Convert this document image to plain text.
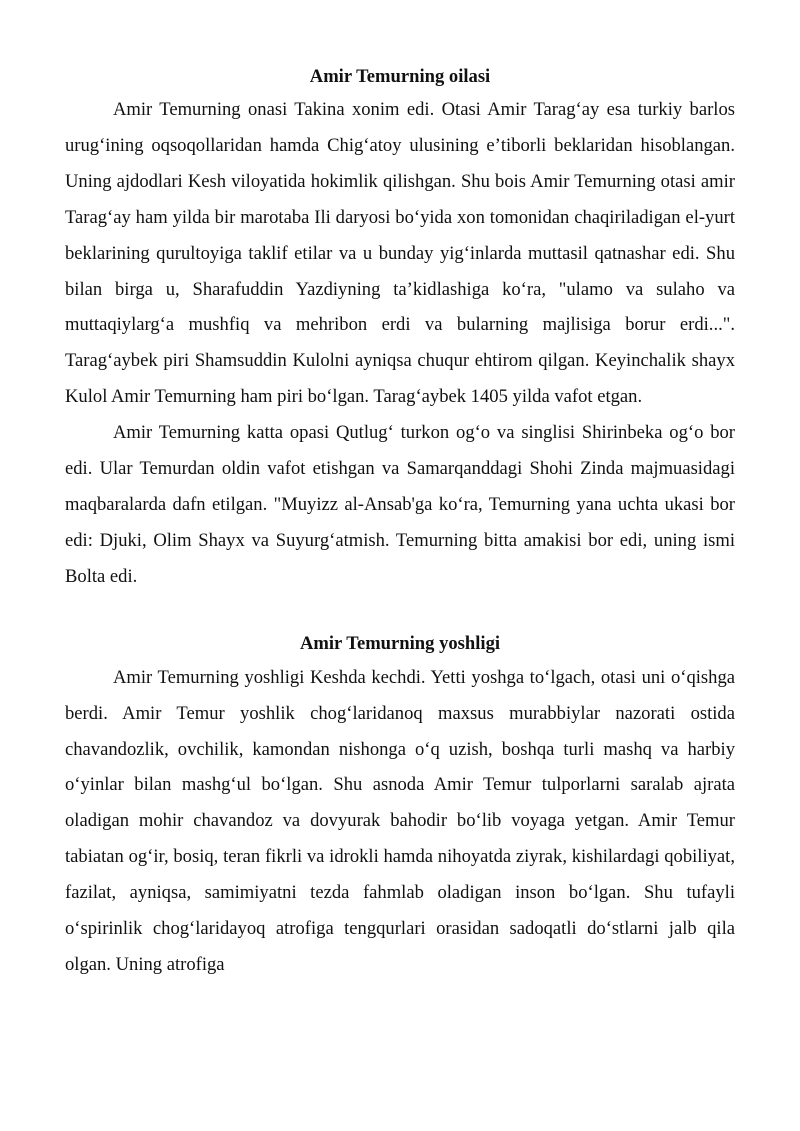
Amir Temurning oilasi

Amir Temurning onasi Takina xonim edi. Otasi Amir Taragʻay esa turkiy barlos urugʻining oqsoqollaridan hamda Chigʻatoy ulusining eʼtiborli beklaridan hisoblangan. Uning ajdodlari Kesh viloyatida hokimlik qilishgan. Shu bois Amir Temurning otasi amir Taragʻay ham yilda bir marotaba Ili daryosi boʻyida xon tomonidan chaqiriladigan el-yurt beklarining qurultoyiga taklif etilar va u bunday yigʻinlarda muttasil qatnashar edi. Shu bilan birga u, Sharafuddin Yazdiyning taʼkidlashiga koʻra, "ulamo va sulaho va muttaqiylargʻa mushfiq va mehribon erdi va bularning majlisiga borur erdi...". Taragʻaybek piri Shamsuddin Kulolni ayniqsa chuqur ehtirom qilgan. Keyinchalik shayx Kulol Amir Temurning ham piri boʻlgan. Taragʻaybek 1405 yilda vafot etgan.

Amir Temurning katta opasi Qutlugʻ turkon ogʻo va singlisi Shirinbeka ogʻo bor edi. Ular Temurdan oldin vafot etishgan va Samarqanddagi Shohi Zinda majmuasidagi maqbaralarda dafn etilgan. "Muyizz al-Ansab'ga koʻra, Temurning yana uchta ukasi bor edi: Djuki, Olim Shayx va Suyurgʻatmish. Temurning bitta amakisi bor edi, uning ismi Bolta edi.

Amir Temurning yoshligi

Amir Temurning yoshligi Keshda kechdi. Yetti yoshga toʻlgach, otasi uni oʻqishga berdi. Amir Temur yoshlik chogʻlaridanoq maxsus murabbiylar nazorati ostida chavandozlik, ovchilik, kamondan nishonga oʻq uzish, boshqa turli mashq va harbiy oʻyinlar bilan mashgʻul boʻlgan. Shu asnoda Amir Temur tulporlarni saralab ajrata oladigan mohir chavandoz va dovyurak bahodir boʻlib voyaga yetgan. Amir Temur tabiatan ogʻir, bosiq, teran fikrli va idrokli hamda nihoyatda ziyrak, kishilardagi qobiliyat, fazilat, ayniqsa, samimiyatni tezda fahmlab oladigan inson boʻlgan. Shu tufayli oʻspirinlik chogʻlaridayoq atrofiga tengqurlari orasidan sadoqatli doʻstlarni jalb qila olgan. Uning atrofiga
